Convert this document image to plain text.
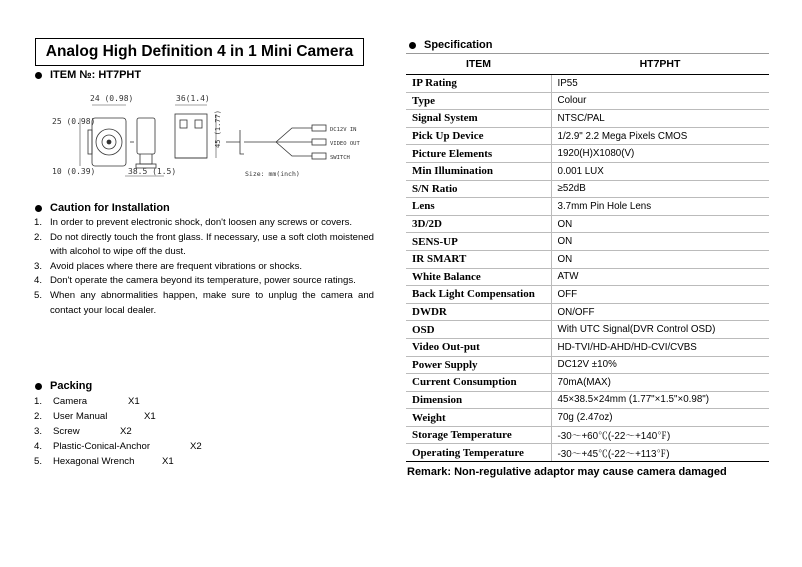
Analog High Definition 4 in 1 Mini Camera
ITEM №: HT7PHT
24 (0.98)	36(1.4)
25 (0.98)	45 (1.77)
10 (0.39)	38.5 (1.5)
DC12V IN
VIDEO OUT
SWITCH
Size: mm(inch)
Caution for Installation
1. In order to prevent electronic shock, don't loosen any screws or covers.
2. Do not directly touch the front glass. If necessary, use a soft cloth moistened with alcohol to wipe off the dust.
3. Avoid places where there are frequent vibrations or shocks.
4. Don't operate the camera beyond its temperature, power source ratings.
5. When any abnormalities happen, make sure to unplug the camera and contact your local dealer.
Packing
1. Camera	X1
2. User Manual	X1
3. Screw	X2
4. Plastic-Conical-Anchor	X2
5. Hexagonal Wrench	X1
Specification
ITEM	HT7PHT
IP Rating	IP55
Type	Colour
Signal System	NTSC/PAL
Pick Up Device	1/2.9" 2.2 Mega Pixels CMOS
Picture Elements	1920(H)X1080(V)
Min Illumination	0.001 LUX
S/N Ratio	≥52dB
Lens	3.7mm Pin Hole Lens
3D/2D	ON
SENS-UP	ON
IR SMART	ON
White Balance	ATW
Back Light Compensation	OFF
DWDR	ON/OFF
OSD	With UTC Signal(DVR Control OSD)
Video Out-put	HD-TVI/HD-AHD/HD-CVI/CVBS
Power Supply	DC12V ±10%
Current Consumption	70mA(MAX)
Dimension	45×38.5×24mm (1.77"×1.5"×0.98")
Weight	70g (2.47oz)
Storage Temperature	-30～+60℃(-22～+140℉)
Operating Temperature	-30～+45℃(-22～+113℉)
Remark: Non-regulative adaptor may cause camera damaged
